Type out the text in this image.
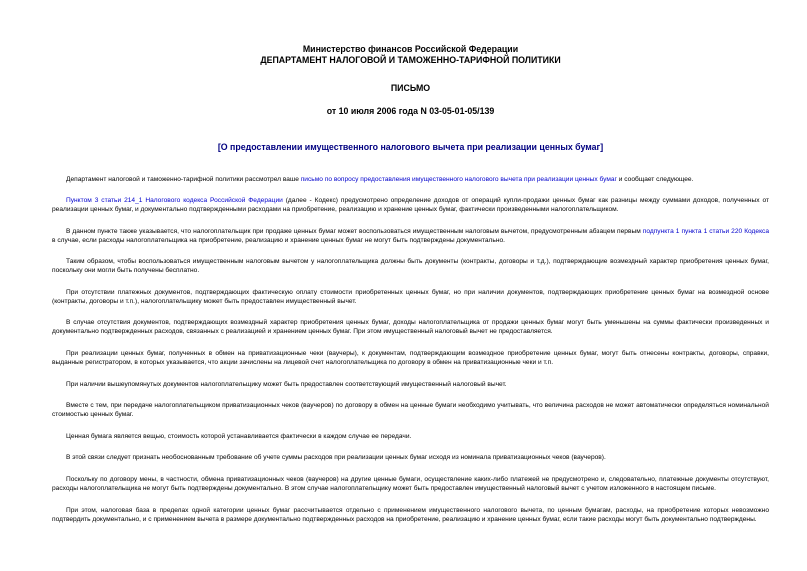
Министерство финансов Российской Федерации
ДЕПАРТАМЕНТ НАЛОГОВОЙ И ТАМОЖЕННО-ТАРИФНОЙ ПОЛИТИКИ
ПИСЬМО
от 10 июля 2006 года N 03-05-01-05/139
[О предоставлении имущественного налогового вычета при реализации ценных бумаг]

Департамент налоговой и таможенно-тарифной политики рассмотрел ваше письмо по вопросу предоставления имущественного налогового вычета при реализации ценных бумаг и сообщает следующее.

Пунктом 3 статьи 214_1 Налогового кодекса Российской Федерации (далее - Кодекс) предусмотрено определение доходов от операций купли-продажи ценных бумаг как разницы между суммами доходов, полученных от реализации ценных бумаг, и документально подтвержденными расходами на приобретение, реализацию и хранение ценных бумаг, фактически произведенными налогоплательщиком.

В данном пункте также указывается, что налогоплательщик при продаже ценных бумаг может воспользоваться имущественным налоговым вычетом, предусмотренным абзацем первым подпункта 1 пункта 1 статьи 220 Кодекса в случае, если расходы налогоплательщика на приобретение, реализацию и хранение ценных бумаг не могут быть подтверждены документально.

Таким образом, чтобы воспользоваться имущественным налоговым вычетом у налогоплательщика должны быть документы (контракты, договоры и т.д.), подтверждающие возмездный характер приобретения ценных бумаг, поскольку они могли быть получены бесплатно.

При отсутствии платежных документов, подтверждающих фактическую оплату стоимости приобретенных ценных бумаг, но при наличии документов, подтверждающих приобретение ценных бумаг на возмездной основе (контракты, договоры и т.п.), налогоплательщику может быть предоставлен имущественный вычет.

В случае отсутствия документов, подтверждающих возмездный характер приобретения ценных бумаг, доходы налогоплательщика от продажи ценных бумаг могут быть уменьшены на суммы фактически произведенных и документально подтвержденных расходов, связанных с реализацией и хранением ценных бумаг. При этом имущественный налоговый вычет не предоставляется.

При реализации ценных бумаг, полученных в обмен на приватизационные чеки (ваучеры), к документам, подтверждающим возмездное приобретение ценных бумаг, могут быть отнесены контракты, договоры, справки, выданные регистратором, в которых указывается, что акции зачислены на лицевой счет налогоплательщика по договору в обмен на приватизационные чеки и т.п.

При наличии вышеупомянутых документов налогоплательщику может быть предоставлен соответствующий имущественный налоговый вычет.

Вместе с тем, при передаче налогоплательщиком приватизационных чеков (ваучеров) по договору в обмен на ценные бумаги необходимо учитывать, что величина расходов не может автоматически определяться номинальной стоимостью ценных бумаг.

Ценная бумага является вещью, стоимость которой устанавливается фактически в каждом случае ее передачи.

В этой связи следует признать необоснованным требование об учете суммы расходов при реализации ценных бумаг исходя из номинала приватизационных чеков (ваучеров).

Поскольку по договору мены, в частности, обмена приватизационных чеков (ваучеров) на другие ценные бумаги, осуществление каких-либо платежей не предусмотрено и, следовательно, платежные документы отсутствуют, расходы налогоплательщика не могут быть подтверждены документально. В этом случае налогоплательщику может быть предоставлен имущественный налоговый вычет с учетом изложенного в настоящем письме.

При этом, налоговая база в пределах одной категории ценных бумаг рассчитывается отдельно с применением имущественного налогового вычета, по ценным бумагам, расходы, на приобретение которых невозможно подтвердить документально, и с применением вычета в размере документально подтвержденных расходов на приобретение, реализацию и хранение ценных бумаг, если такие расходы могут быть документально подтверждены.
